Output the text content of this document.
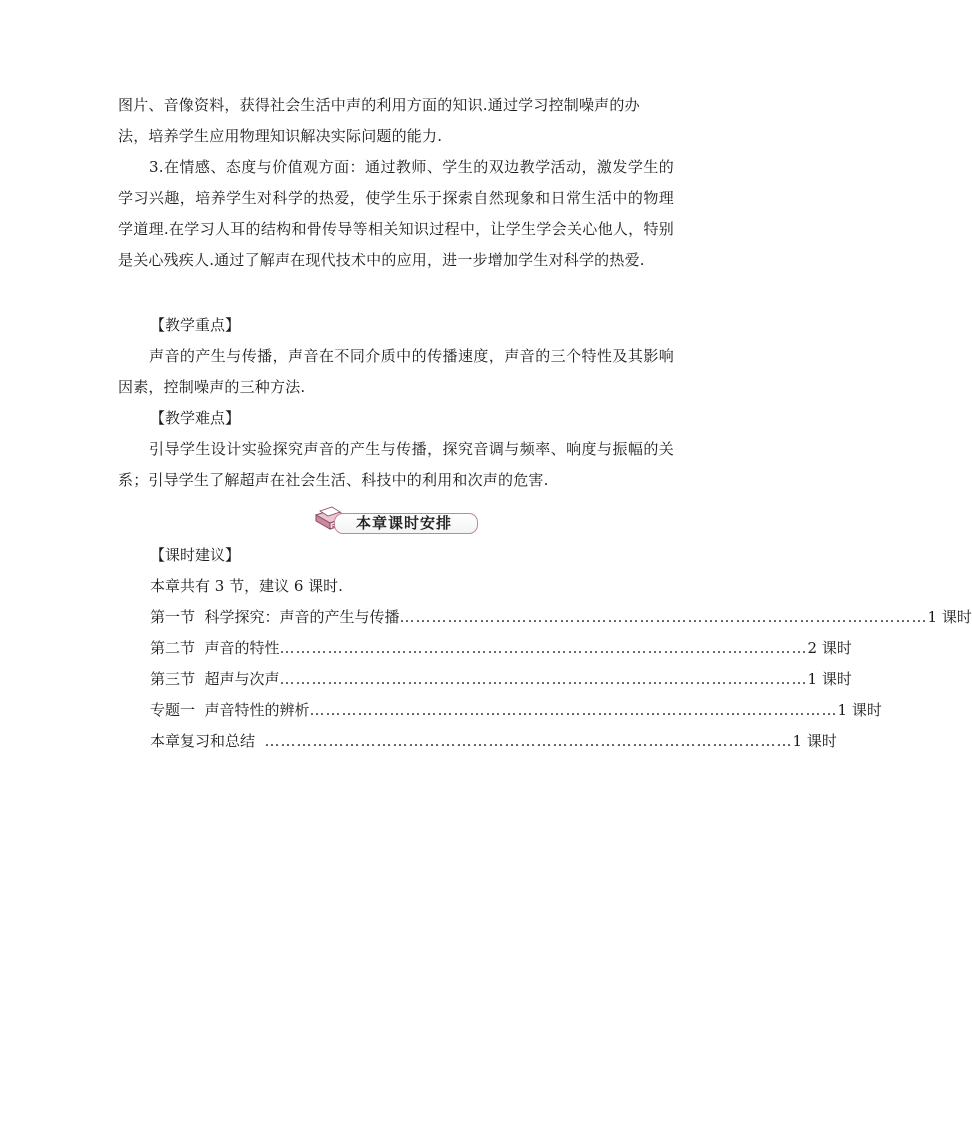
图片、音像资料，获得社会生活中声的利用方面的知识.通过学习控制噪声的办

法，培养学生应用物理知识解决实际问题的能力.

3.在情感、态度与价值观方面：通过教师、学生的双边教学活动，激发学生的学习兴趣，培养学生对科学的热爱，使学生乐于探索自然现象和日常生活中的物理学道理.在学习人耳的结构和骨传导等相关知识过程中，让学生学会关心他人，特别是关心残疾人.通过了解声在现代技术中的应用，进一步增加学生对科学的热爱.

【教学重点】

声音的产生与传播，声音在不同介质中的传播速度，声音的三个特性及其影响因素，控制噪声的三种方法.

【教学难点】

引导学生设计实验探究声音的产生与传播，探究音调与频率、响度与振幅的关系；引导学生了解超声在社会生活、科技中的利用和次声的危害.

本章课时安排

【课时建议】

本章共有 3 节，建议 6 课时.

第一节  科学探究：声音的产生与传播 ……………………………………………………………………………………… 1 课时
第二节  声音的特性 ……………………………………………………………………………………… 2 课时
第三节  超声与次声 ……………………………………………………………………………………… 1 课时
专题一  声音特性的辨析 ……………………………………………………………………………………… 1 课时
本章复习和总结 ……………………………………………………………………………………… 1 课时
